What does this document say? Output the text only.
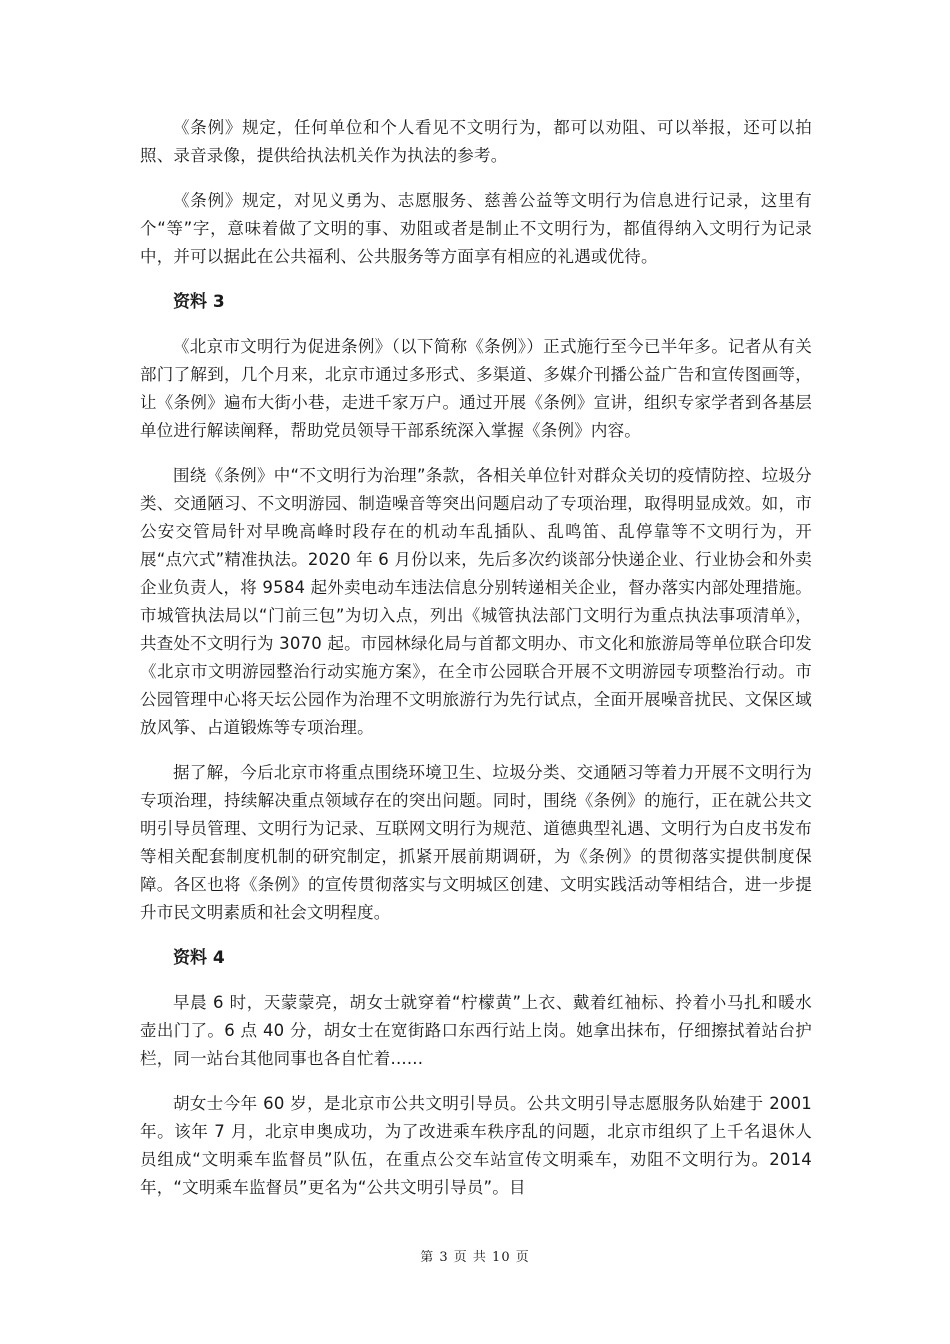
《条例》规定，任何单位和个人看见不文明行为，都可以劝阻、可以举报，还可以拍照、录音录像，提供给执法机关作为执法的参考。

《条例》规定，对见义勇为、志愿服务、慈善公益等文明行为信息进行记录，这里有个“等”字，意味着做了文明的事、劝阻或者是制止不文明行为，都值得纳入文明行为记录中，并可以据此在公共福利、公共服务等方面享有相应的礼遇或优待。

资料 3

《北京市文明行为促进条例》（以下简称《条例》）正式施行至今已半年多。记者从有关部门了解到，几个月来，北京市通过多形式、多渠道、多媒介刊播公益广告和宣传图画等，让《条例》遍布大街小巷，走进千家万户。通过开展《条例》宣讲，组织专家学者到各基层单位进行解读阐释，帮助党员领导干部系统深入掌握《条例》内容。

围绕《条例》中“不文明行为治理”条款，各相关单位针对群众关切的疫情防控、垃圾分类、交通陋习、不文明游园、制造噪音等突出问题启动了专项治理，取得明显成效。如，市公安交管局针对早晚高峰时段存在的机动车乱插队、乱鸣笛、乱停靠等不文明行为，开展“点穴式”精准执法。2020 年 6 月份以来，先后多次约谈部分快递企业、行业协会和外卖企业负责人，将 9584 起外卖电动车违法信息分别转递相关企业，督办落实内部处理措施。市城管执法局以“门前三包”为切入点，列出《城管执法部门文明行为重点执法事项清单》，共查处不文明行为 3070 起。市园林绿化局与首都文明办、市文化和旅游局等单位联合印发《北京市文明游园整治行动实施方案》，在全市公园联合开展不文明游园专项整治行动。市公园管理中心将天坛公园作为治理不文明旅游行为先行试点，全面开展噪音扰民、文保区域放风筝、占道锻炼等专项治理。

据了解，今后北京市将重点围绕环境卫生、垃圾分类、交通陋习等着力开展不文明行为专项治理，持续解决重点领域存在的突出问题。同时，围绕《条例》的施行，正在就公共文明引导员管理、文明行为记录、互联网文明行为规范、道德典型礼遇、文明行为白皮书发布等相关配套制度机制的研究制定，抓紧开展前期调研，为《条例》的贯彻落实提供制度保障。各区也将《条例》的宣传贯彻落实与文明城区创建、文明实践活动等相结合，进一步提升市民文明素质和社会文明程度。

资料 4

早晨 6 时，天蒙蒙亮，胡女士就穿着“柠檬黄”上衣、戴着红袖标、拎着小马扎和暖水壶出门了。6 点 40 分，胡女士在宽街路口东西行站上岗。她拿出抹布，仔细擦拭着站台护栏，同一站台其他同事也各自忙着......

胡女士今年 60 岁，是北京市公共文明引导员。公共文明引导志愿服务队始建于 2001 年。该年 7 月，北京申奥成功，为了改进乘车秩序乱的问题，北京市组织了上千名退休人员组成“文明乘车监督员”队伍，在重点公交车站宣传文明乘车，劝阻不文明行为。2014 年，“文明乘车监督员”更名为“公共文明引导员”。目

第 3 页 共 10 页
